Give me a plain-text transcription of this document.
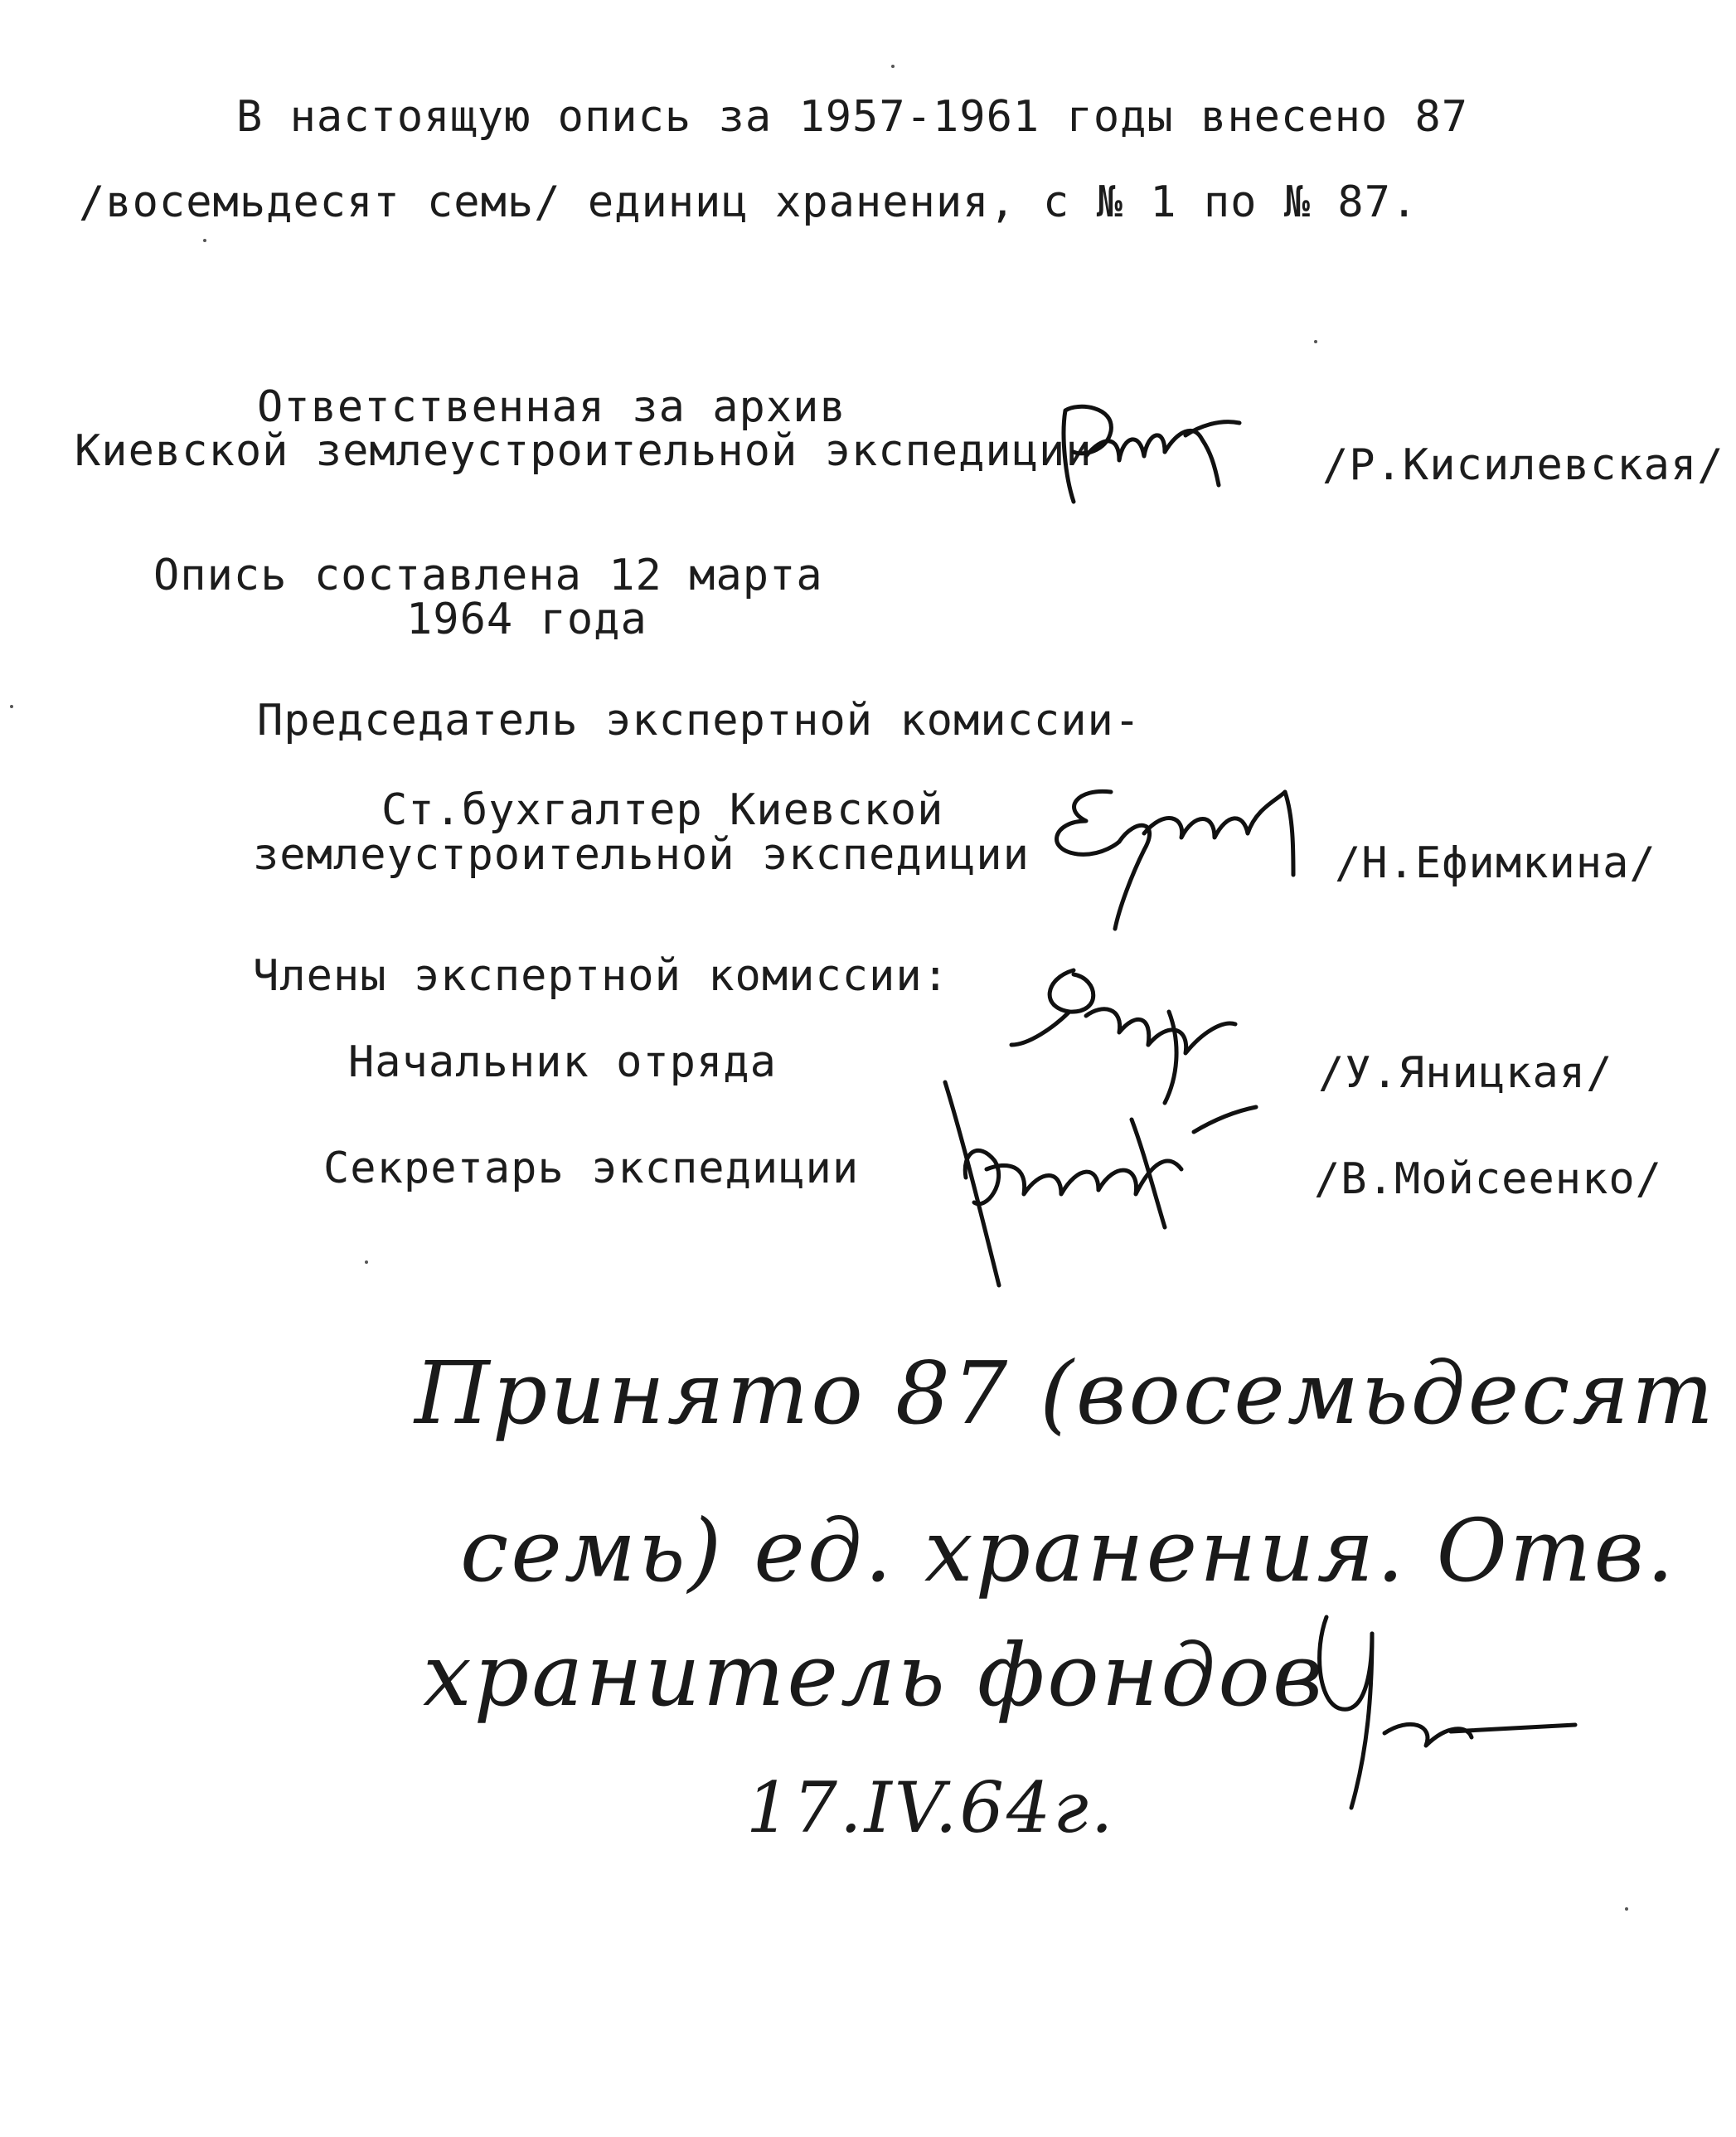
В настоящую опись за 1957-1961 годы внесено 87
/восемьдесят семь/ единиц хранения, с № 1 по № 87.
Ответственная за архив
Киевской землеустроительной экспедиции	/Р.Кисилевская/
Опись составлена 12 марта
1964 года
Председатель экспертной комиссии-
Ст.бухгалтер Киевской
землеустроительной экспедиции	/Н.Ефимкина/
Члены экспертной комиссии:
Начальник отряда	/У.Яницкая/
Секретарь экспедиции	/В.Мойсеенко/
Принято 87 (восемьдесят
семь) ед. хранения. Отв.
хранитель фондов
17.IV.64г.
